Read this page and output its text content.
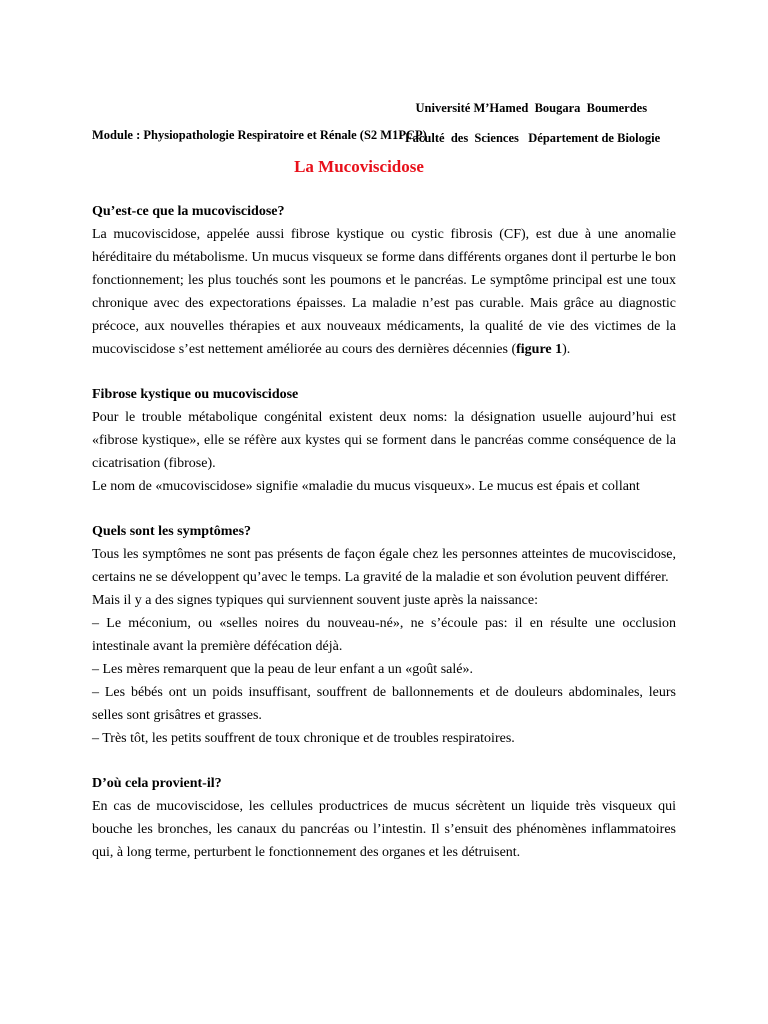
Université M’Hamed  Bougara  Boumerdes

Faculté  des  Sciences   Département de Biologie

Module : Physiopathologie Respiratoire et Rénale (S2 M1PCP)
La Mucoviscidose

Qu’est-ce que la mucoviscidose?

La mucoviscidose, appelée aussi fibrose kystique ou cystic fibrosis (CF), est due à une anomalie héréditaire du métabolisme. Un mucus visqueux se forme dans différents organes dont il perturbe le bon fonctionnement; les plus touchés sont les poumons et le pancréas. Le symptôme principal est une toux chronique avec des expectorations épaisses. La maladie n’est pas curable. Mais grâce au diagnostic précoce, aux nouvelles thérapies et aux nouveaux médicaments, la qualité de vie des victimes de la mucoviscidose s’est nettement améliorée au cours des dernières décennies (figure 1).

Fibrose kystique ou mucoviscidose

Pour le trouble métabolique congénital existent deux noms: la désignation usuelle aujourd’hui est «fibrose kystique», elle se réfère aux kystes qui se forment dans le pancréas comme conséquence de la cicatrisation (fibrose).

Le nom de «mucoviscidose» signifie «maladie du mucus visqueux». Le mucus est épais et collant

Quels sont les symptômes?

Tous les symptômes ne sont pas présents de façon égale chez les personnes atteintes de mucoviscidose, certains ne se développent qu’avec le temps. La gravité de la maladie et son évolution peuvent différer.

Mais il y a des signes typiques qui surviennent souvent juste après la naissance:

– Le méconium, ou «selles noires du nouveau-né», ne s’écoule pas: il en résulte une occlusion intestinale avant la première défécation déjà.

– Les mères remarquent que la peau de leur enfant a un «goût salé».

– Les bébés ont un poids insuffisant, souffrent de ballonnements et de douleurs abdominales, leurs selles sont grisâtres et grasses.

– Très tôt, les petits souffrent de toux chronique et de troubles respiratoires.

D’où cela provient-il?

En cas de mucoviscidose, les cellules productrices de mucus sécrètent un liquide très visqueux qui bouche les bronches, les canaux du pancréas ou l’intestin. Il s’ensuit des phénomènes inflammatoires qui, à long terme, perturbent le fonctionnement des organes et les détruisent.
